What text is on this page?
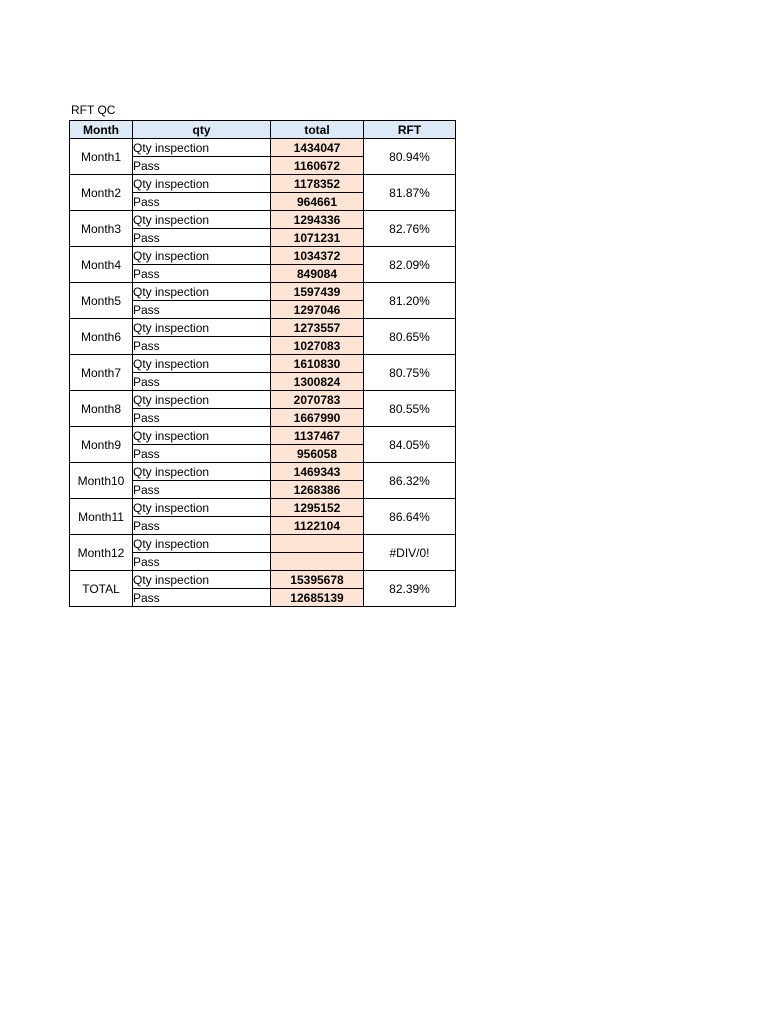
RFT QC
Month	qty	total	RFT
Month1	Qty inspection	1434047	80.94%
	Pass	1160672	
Month2	Qty inspection	1178352	81.87%
	Pass	964661	
Month3	Qty inspection	1294336	82.76%
	Pass	1071231	
Month4	Qty inspection	1034372	82.09%
	Pass	849084	
Month5	Qty inspection	1597439	81.20%
	Pass	1297046	
Month6	Qty inspection	1273557	80.65%
	Pass	1027083	
Month7	Qty inspection	1610830	80.75%
	Pass	1300824	
Month8	Qty inspection	2070783	80.55%
	Pass	1667990	
Month9	Qty inspection	1137467	84.05%
	Pass	956058	
Month10	Qty inspection	1469343	86.32%
	Pass	1268386	
Month11	Qty inspection	1295152	86.64%
	Pass	1122104	
Month12	Qty inspection		#DIV/0!
	Pass		
TOTAL	Qty inspection	15395678	82.39%
	Pass	12685139	
